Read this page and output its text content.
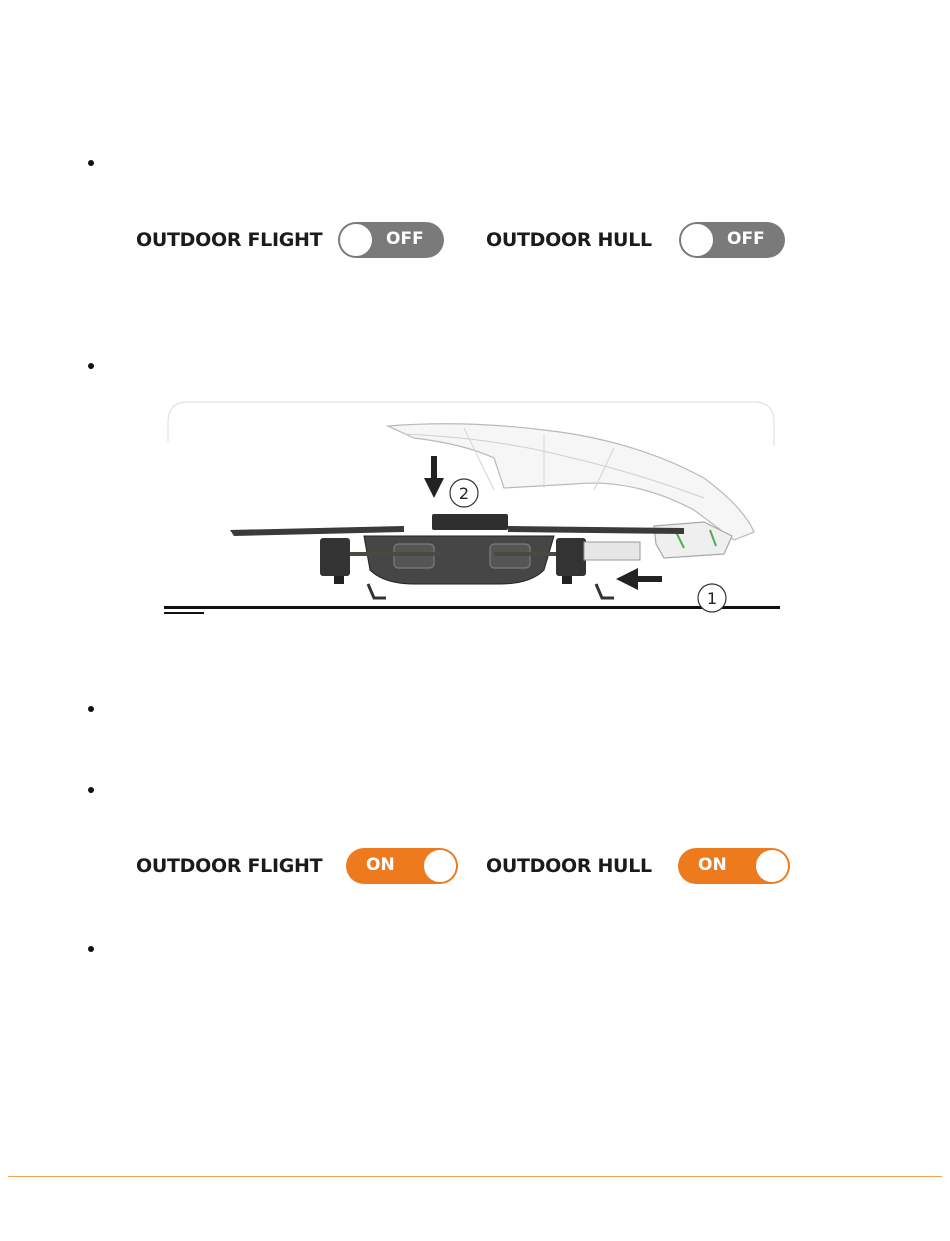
OUTDOOR FLIGHT	OFF	OUTDOOR HULL	OFF
2
1
OUTDOOR FLIGHT	ON	OUTDOOR HULL	ON
